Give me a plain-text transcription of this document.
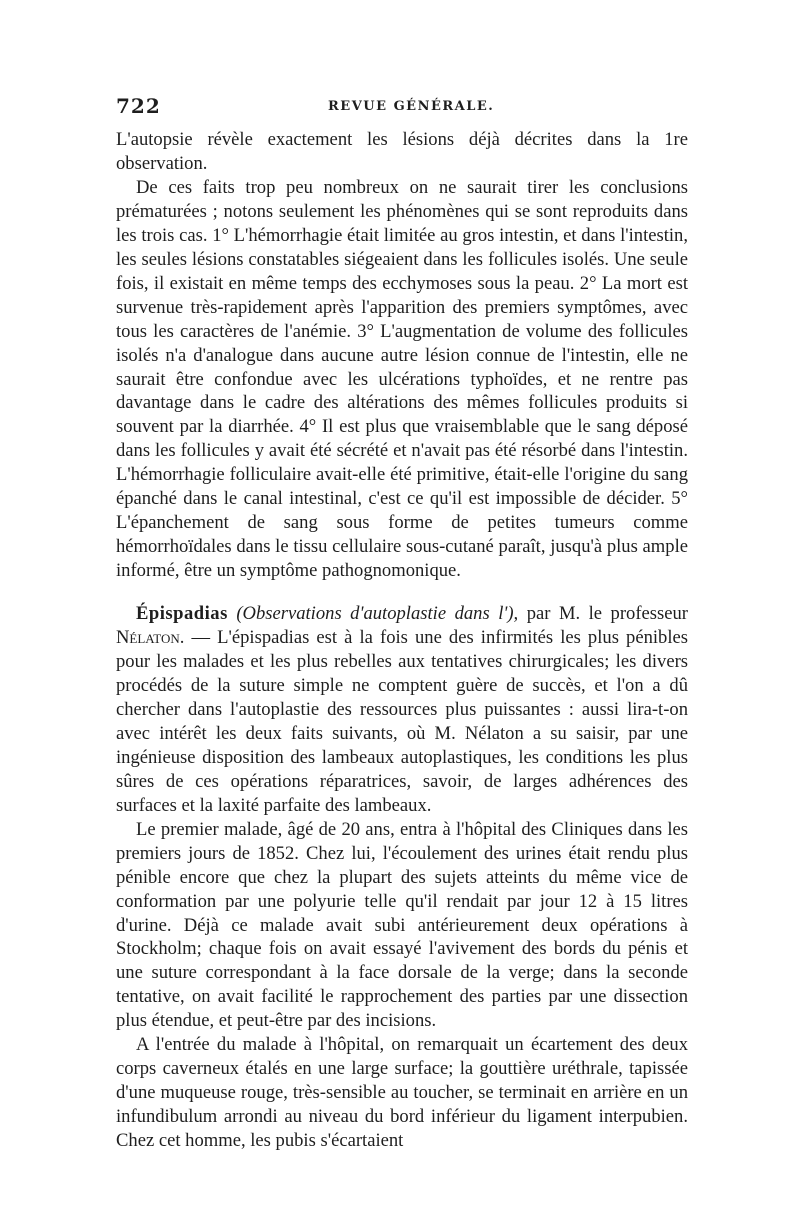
722	REVUE GÉNÉRALE.

L'autopsie révèle exactement les lésions déjà décrites dans la 1re observation.

De ces faits trop peu nombreux on ne saurait tirer les conclusions prématurées ; notons seulement les phénomènes qui se sont reproduits dans les trois cas. 1° L'hémorrhagie était limitée au gros intestin, et dans l'intestin, les seules lésions constatables siégeaient dans les follicules isolés. Une seule fois, il existait en même temps des ecchymoses sous la peau. 2° La mort est survenue très-rapidement après l'apparition des premiers symptômes, avec tous les caractères de l'anémie. 3° L'augmentation de volume des follicules isolés n'a d'analogue dans aucune autre lésion connue de l'intestin, elle ne saurait être confondue avec les ulcérations typhoïdes, et ne rentre pas davantage dans le cadre des altérations des mêmes follicules produits si souvent par la diarrhée. 4° Il est plus que vraisemblable que le sang déposé dans les follicules y avait été sécrété et n'avait pas été résorbé dans l'intestin. L'hémorrhagie folliculaire avait-elle été primitive, était-elle l'origine du sang épanché dans le canal intestinal, c'est ce qu'il est impossible de décider. 5° L'épanchement de sang sous forme de petites tumeurs comme hémorrhoïdales dans le tissu cellulaire sous-cutané paraît, jusqu'à plus ample informé, être un symptôme pathognomonique.

Épispadias (Observations d'autoplastie dans l'), par M. le professeur Nélaton. — L'épispadias est à la fois une des infirmités les plus pénibles pour les malades et les plus rebelles aux tentatives chirurgicales; les divers procédés de la suture simple ne comptent guère de succès, et l'on a dû chercher dans l'autoplastie des ressources plus puissantes : aussi lira-t-on avec intérêt les deux faits suivants, où M. Nélaton a su saisir, par une ingénieuse disposition des lambeaux autoplastiques, les conditions les plus sûres de ces opérations réparatrices, savoir, de larges adhérences des surfaces et la laxité parfaite des lambeaux.

Le premier malade, âgé de 20 ans, entra à l'hôpital des Cliniques dans les premiers jours de 1852. Chez lui, l'écoulement des urines était rendu plus pénible encore que chez la plupart des sujets atteints du même vice de conformation par une polyurie telle qu'il rendait par jour 12 à 15 litres d'urine. Déjà ce malade avait subi antérieurement deux opérations à Stockholm; chaque fois on avait essayé l'avivement des bords du pénis et une suture correspondant à la face dorsale de la verge; dans la seconde tentative, on avait facilité le rapprochement des parties par une dissection plus étendue, et peut-être par des incisions.

A l'entrée du malade à l'hôpital, on remarquait un écartement des deux corps caverneux étalés en une large surface; la gouttière uréthrale, tapissée d'une muqueuse rouge, très-sensible au toucher, se terminait en arrière en un infundibulum arrondi au niveau du bord inférieur du ligament interpubien. Chez cet homme, les pubis s'écartaient
